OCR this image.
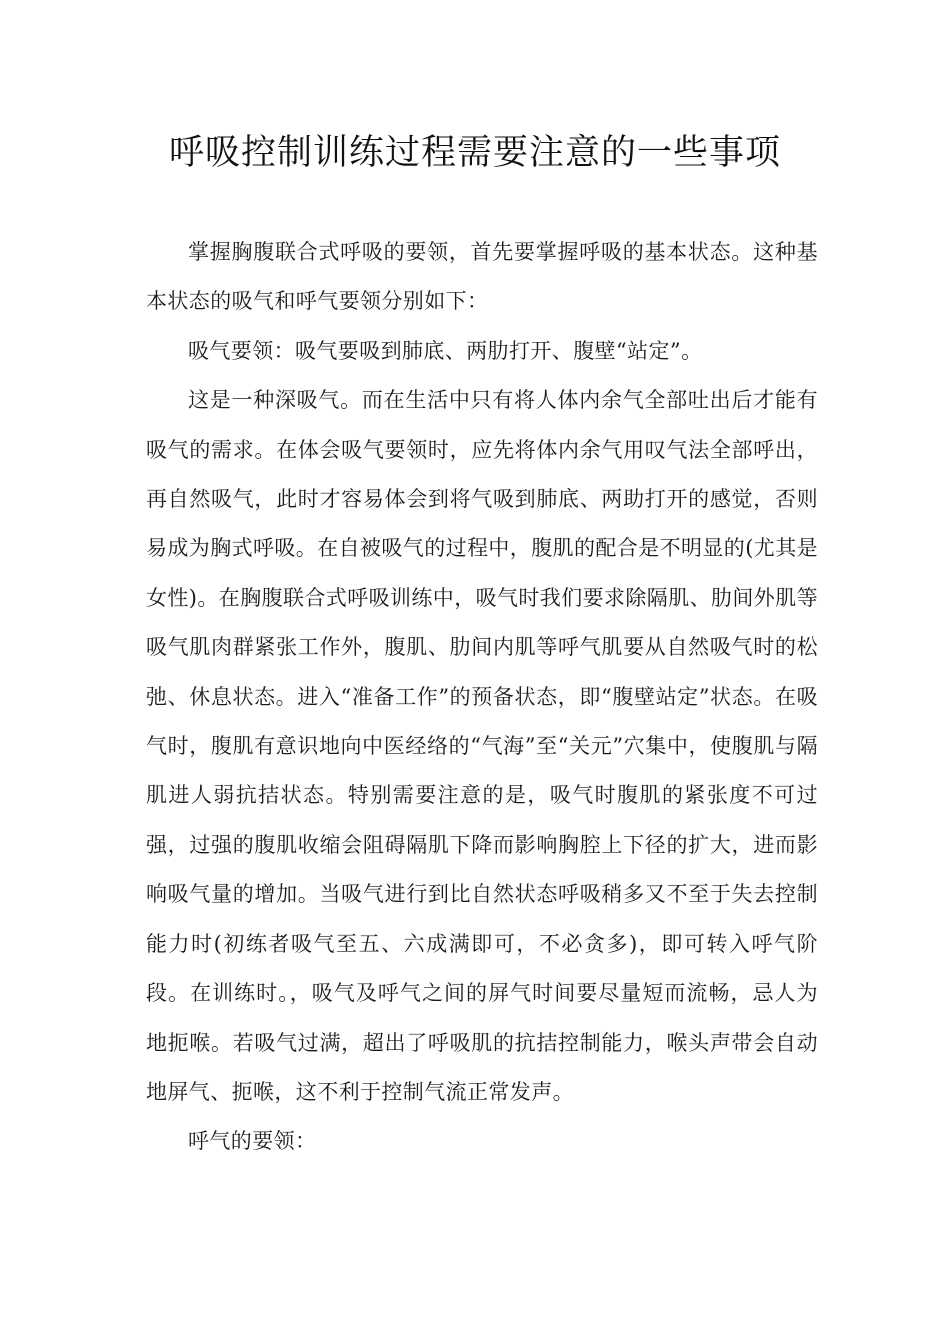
呼吸控制训练过程需要注意的一些事项

掌握胸腹联合式呼吸的要领，首先要掌握呼吸的基本状态。这种基本状态的吸气和呼气要领分别如下：

吸气要领：吸气要吸到肺底、两肋打开、腹壁“站定”。

这是一种深吸气。而在生活中只有将人体内余气全部吐出后才能有吸气的需求。在体会吸气要领时，应先将体内余气用叹气法全部呼出，再自然吸气，此时才容易体会到将气吸到肺底、两助打开的感觉，否则易成为胸式呼吸。在自被吸气的过程中，腹肌的配合是不明显的(尤其是女性)。在胸腹联合式呼吸训练中，吸气时我们要求除隔肌、肋间外肌等吸气肌肉群紧张工作外，腹肌、肋间内肌等呼气肌要从自然吸气时的松弛、休息状态。进入“准备工作”的预备状态，即“腹壁站定”状态。在吸气时，腹肌有意识地向中医经络的“气海”至“关元”穴集中，使腹肌与隔肌进人弱抗拮状态。特别需要注意的是，吸气时腹肌的紧张度不可过强，过强的腹肌收缩会阻碍隔肌下降而影响胸腔上下径的扩大，进而影响吸气量的增加。当吸气进行到比自然状态呼吸稍多又不至于失去控制能力时(初练者吸气至五、六成满即可，不必贪多)，即可转入呼气阶段。在训练时。，吸气及呼气之间的屏气时间要尽量短而流畅，忌人为地扼喉。若吸气过满，超出了呼吸肌的抗拮控制能力，喉头声带会自动地屏气、扼喉，这不利于控制气流正常发声。

呼气的要领：
